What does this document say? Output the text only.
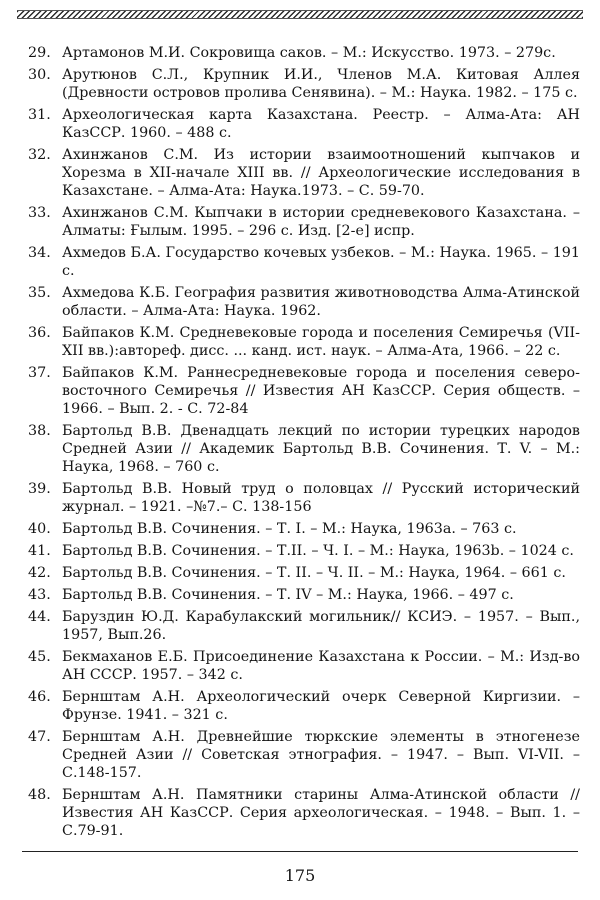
29. Артамонов М.И. Сокровища саков. – М.: Искусство. 1973. – 279с.
30. Арутюнов С.Л., Крупник И.И., Членов М.А. Китовая Аллея (Древности островов пролива Сенявина). – М.: Наука. 1982. – 175 с.
31. Археологическая карта Казахстана. Реестр. – Алма-Ата: АН КазССР. 1960. – 488 с.
32. Ахинжанов С.М. Из истории взаимоотношений кыпчаков и Хорезма в XII-начале XIII вв. // Археологические исследования в Казахстане. – Алма-Ата: Наука.1973. – С. 59-70.
33. Ахинжанов С.М. Кыпчаки в истории средневекового Казахстана. – Алматы: Ғылым. 1995. – 296 с. Изд. [2-е] испр.
34. Ахмедов Б.А. Государство кочевых узбеков. – М.: Наука. 1965. – 191 с.
35. Ахмедова К.Б. География развития животноводства Алма-Атинской области. – Алма-Ата: Наука. 1962.
36. Байпаков К.М. Средневековые города и поселения Семиречья (VII-XII вв.):автореф. дисс. ... канд. ист. наук. – Алма-Ата, 1966. – 22 с.
37. Байпаков К.М. Раннесредневековые города и поселения северо-восточного Семиречья // Известия АН КазССР. Серия обществ. – 1966. – Вып. 2. - С. 72-84
38. Бартольд В.В. Двенадцать лекций по истории турецких народов Средней Азии // Академик Бартольд В.В. Сочинения. Т. V. – М.: Наука, 1968. – 760 с.
39. Бартольд В.В. Новый труд о половцах // Русский исторический журнал. – 1921. –№7.– С. 138-156
40. Бартольд В.В. Сочинения. – Т. I. – М.: Наука, 1963а. – 763 с.
41. Бартольд В.В. Сочинения. – Т.II. – Ч. I. – М.: Наука, 1963b. – 1024 с.
42. Бартольд В.В. Сочинения. – Т. II. – Ч. II. – М.: Наука, 1964. – 661 с.
43. Бартольд В.В. Сочинения. – Т. IV – М.: Наука, 1966. – 497 с.
44. Баруздин Ю.Д. Карабулакский могильник// КСИЭ. – 1957. – Вып., 1957, Вып.26.
45. Бекмаханов Е.Б. Присоединение Казахстана к России. – М.: Изд-во АН СССР. 1957. – 342 с.
46. Бернштам А.Н. Археологический очерк Северной Киргизии. – Фрунзе. 1941. – 321 с.
47. Бернштам А.Н. Древнейшие тюркские элементы в этногенезе Средней Азии // Советская этнография. – 1947. – Вып. VI-VII. – С.148-157.
48. Бернштам А.Н. Памятники старины Алма-Атинской области // Известия АН КазССР. Серия археологическая. – 1948. – Вып. 1. – С.79-91.
175
